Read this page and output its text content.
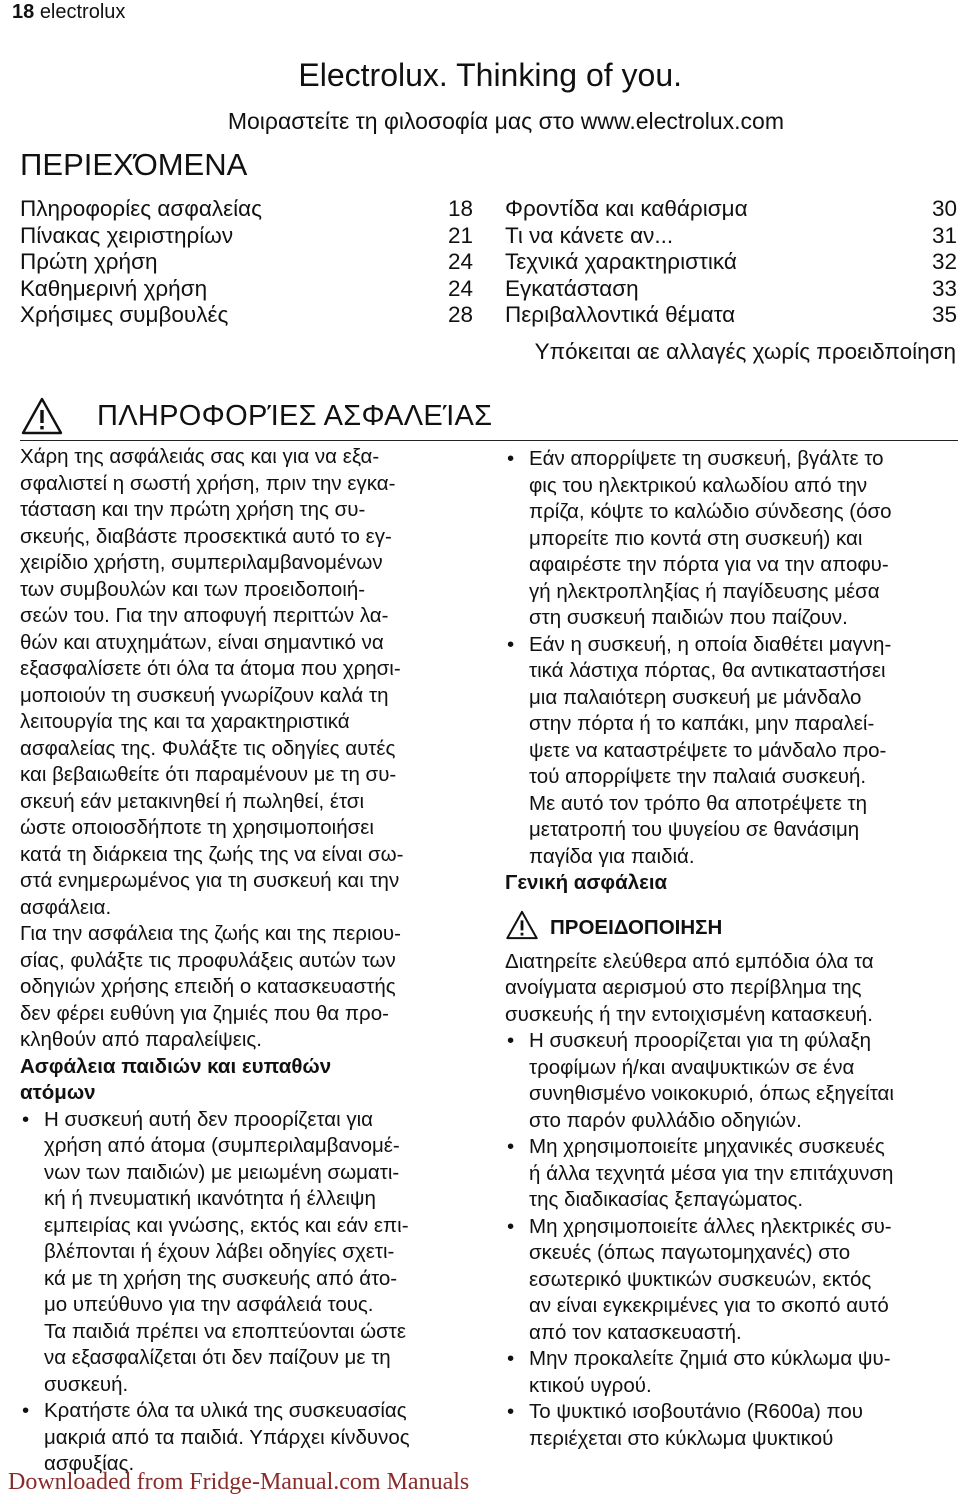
18 electrolux
Electrolux. Thinking of you.
Μοιραστείτε τη φιλοσοφία μας στο www.electrolux.com
ΠΕΡΙΕΧΌΜΕΝΑ
Πληροφορίες ασφαλείας	18
Πίνακας χειριστηρίων	21
Πρώτη χρήση	24
Καθημερινή χρήση	24
Χρήσιμες συμβουλές	28
Φροντίδα και καθάρισμα	30
Τι να κάνετε αν...	31
Τεχνικά χαρακτηριστικά	32
Εγκατάσταση	33
Περιβαλλοντικά θέματα	35
Υπόκειται αε αλλαγές χωρίς προειδποίηση
ΠΛΗΡΟΦΟΡΊΕΣ ΑΣΦΑΛΕΊΑΣ

Χάρη της ασφάλειάς σας και για να εξα-
σφαλιστεί η σωστή χρήση, πριν την εγκα-
τάσταση και την πρώτη χρήση της συ-
σκευής, διαβάστε προσεκτικά αυτό το εγ-
χειρίδιο χρήστη, συμπεριλαμβανομένων
των συμβουλών και των προειδοποιή-
σεών του. Για την αποφυγή περιττών λα-
θών και ατυχημάτων, είναι σημαντικό να
εξασφαλίσετε ότι όλα τα άτομα που χρησι-
μοποιούν τη συσκευή γνωρίζουν καλά τη
λειτουργία της και τα χαρακτηριστικά
ασφαλείας της. Φυλάξτε τις οδηγίες αυτές
και βεβαιωθείτε ότι παραμένουν με τη συ-
σκευή εάν μετακινηθεί ή πωληθεί, έτσι
ώστε οποιοσδήποτε τη χρησιμοποιήσει
κατά τη διάρκεια της ζωής της να είναι σω-
στά ενημερωμένος για τη συσκευή και την
ασφάλεια.

Για την ασφάλεια της ζωής και της περιου-
σίας, φυλάξτε τις προφυλάξεις αυτών των
οδηγιών χρήσης επειδή ο κατασκευαστής
δεν φέρει ευθύνη για ζημιές που θα προ-
κληθούν από παραλείψεις.

Ασφάλεια παιδιών και ευπαθών
ατόμων

• Η συσκευή αυτή δεν προορίζεται για
χρήση από άτομα (συμπεριλαμβανομέ-
νων των παιδιών) με μειωμένη σωματι-
κή ή πνευματική ικανότητα ή έλλειψη
εμπειρίας και γνώσης, εκτός και εάν επι-
βλέπονται ή έχουν λάβει οδηγίες σχετι-
κά με τη χρήση της συσκευής από άτο-
μο υπεύθυνο για την ασφάλειά τους.
Τα παιδιά πρέπει να εποπτεύονται ώστε
να εξασφαλίζεται ότι δεν παίζουν με τη
συσκευή.
• Κρατήστε όλα τα υλικά της συσκευασίας
μακριά από τα παιδιά. Υπάρχει κίνδυνος
ασφυξίας.
• Εάν απορρίψετε τη συσκευή, βγάλτε το
φις του ηλεκτρικού καλωδίου από την
πρίζα, κόψτε το καλώδιο σύνδεσης (όσο
μπορείτε πιο κοντά στη συσκευή) και
αφαιρέστε την πόρτα για να την αποφυ-
γή ηλεκτροπληξίας ή παγίδευσης μέσα
στη συσκευή παιδιών που παίζουν.
• Εάν η συσκευή, η οποία διαθέτει μαγνη-
τικά λάστιχα πόρτας, θα αντικαταστήσει
μια παλαιότερη συσκευή με μάνδαλο
στην πόρτα ή το καπάκι, μην παραλεί-
ψετε να καταστρέψετε το μάνδαλο προ-
τού απορρίψετε την παλαιά συσκευή.
Με αυτό τον τρόπο θα αποτρέψετε τη
μετατροπή του ψυγείου σε θανάσιμη
παγίδα για παιδιά.

Γενική ασφάλεια

ΠΡΟΕΙΔΟΠΟΙΗΣΗ

Διατηρείτε ελεύθερα από εμπόδια όλα τα
ανοίγματα αερισμού στο περίβλημα της
συσκευής ή την εντοιχισμένη κατασκευή.

• Η συσκευή προορίζεται για τη φύλαξη
τροφίμων ή/και αναψυκτικών σε ένα
συνηθισμένο νοικοκυριό, όπως εξηγείται
στο παρόν φυλλάδιο οδηγιών.
• Μη χρησιμοποιείτε μηχανικές συσκευές
ή άλλα τεχνητά μέσα για την επιτάχυνση
της διαδικασίας ξεπαγώματος.
• Μη χρησιμοποιείτε άλλες ηλεκτρικές συ-
σκευές (όπως παγωτομηχανές) στο
εσωτερικό ψυκτικών συσκευών, εκτός
αν είναι εγκεκριμένες για το σκοπό αυτό
από τον κατασκευαστή.
• Μην προκαλείτε ζημιά στο κύκλωμα ψυ-
κτικού υγρού.
• Το ψυκτικό ισοβουτάνιο (R600a) που
περιέχεται στο κύκλωμα ψυκτικού
Downloaded from Fridge-Manual.com Manuals
